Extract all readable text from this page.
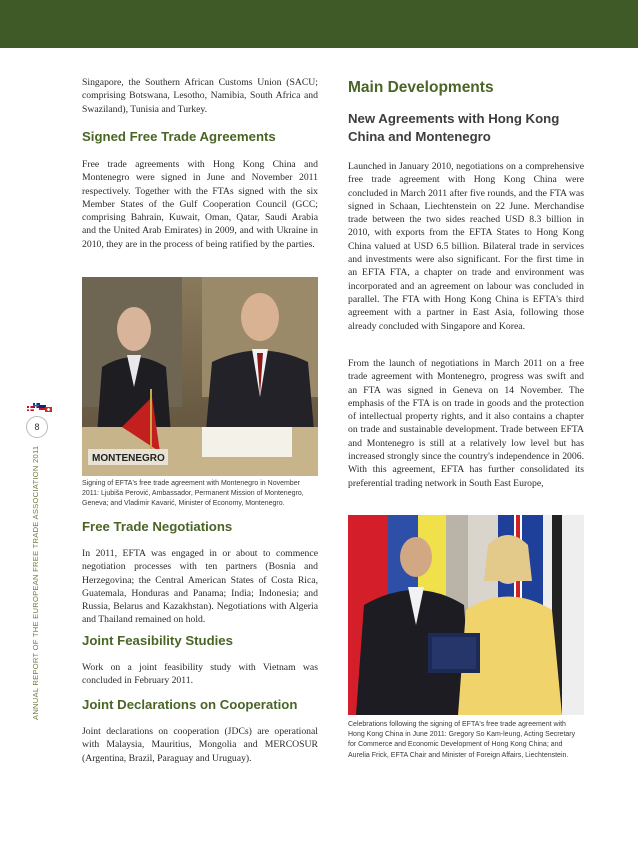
ANNUAL REPORT OF THE EUROPEAN FREE TRADE ASSOCIATION 2011
8

Singapore, the Southern African Customs Union (SACU; comprising Botswana, Lesotho, Namibia, South Africa and Swaziland), Tunisia and Turkey.

Signed Free Trade Agreements

Free trade agreements with Hong Kong China and Montenegro were signed in June and November 2011 respectively. Together with the FTAs signed with the six Member States of the Gulf Cooperation Council (GCC; comprising Bahrain, Kuwait, Oman, Qatar, Saudi Arabia and the United Arab Emirates) in 2009, and with Ukraine in 2010, they are in the process of being ratified by the parties.

MONTENEGRO
Signing of EFTA's free trade agreement with Montenegro in November 2011: Ljubiša Perović, Ambassador, Permanent Mission of Montenegro, Geneva; and Vladimir Kavarić, Minister of Economy, Montenegro.
Free Trade Negotiations

In 2011, EFTA was engaged in or about to commence negotiation processes with ten partners (Bosnia and Herzegovina; the Central American States of Costa Rica, Guatemala, Honduras and Panama; India; Indonesia; and Russia, Belarus and Kazakhstan). Negotiations with Algeria and Thailand remained on hold.

Joint Feasibility Studies

Work on a joint feasibility study with Vietnam was concluded in February 2011.

Joint Declarations on Cooperation

Joint declarations on cooperation (JDCs) are operational with Malaysia, Mauritius, Mongolia and MERCOSUR (Argentina, Brazil, Paraguay and Uruguay).

Main Developments
New Agreements with Hong Kong China and Montenegro

Launched in January 2010, negotiations on a comprehensive free trade agreement with Hong Kong China were concluded in March 2011 after five rounds, and the FTA was signed in Schaan, Liechtenstein on 22 June. Merchandise trade between the two sides reached USD 8.3 billion in 2010, with exports from the EFTA States to Hong Kong China valued at USD 6.5 billion. Bilateral trade in services and investments were also significant. For the first time in an EFTA FTA, a chapter on trade and environment was incorporated and an agreement on labour was concluded in parallel. The FTA with Hong Kong China is EFTA's third agreement with a partner in East Asia, following those already concluded with Singapore and Korea.

From the launch of negotiations in March 2011 on a free trade agreement with Montenegro, progress was swift and an FTA was signed in Geneva on 14 November. The emphasis of the FTA is on trade in goods and the protection of intellectual property rights, and it also contains a chapter on trade and sustainable development. Trade between EFTA and Montenegro is still at a relatively low level but has increased strongly since the country's independence in 2006. With this agreement, EFTA has further consolidated its preferential trading network in South East Europe,

Celebrations following the signing of EFTA's free trade agreement with Hong Kong China in June 2011: Gregory So Kam-leung, Acting Secretary for Commerce and Economic Development of Hong Kong China; and Aurelia Frick, EFTA Chair and Minister of Foreign Affairs, Liechtenstein.
